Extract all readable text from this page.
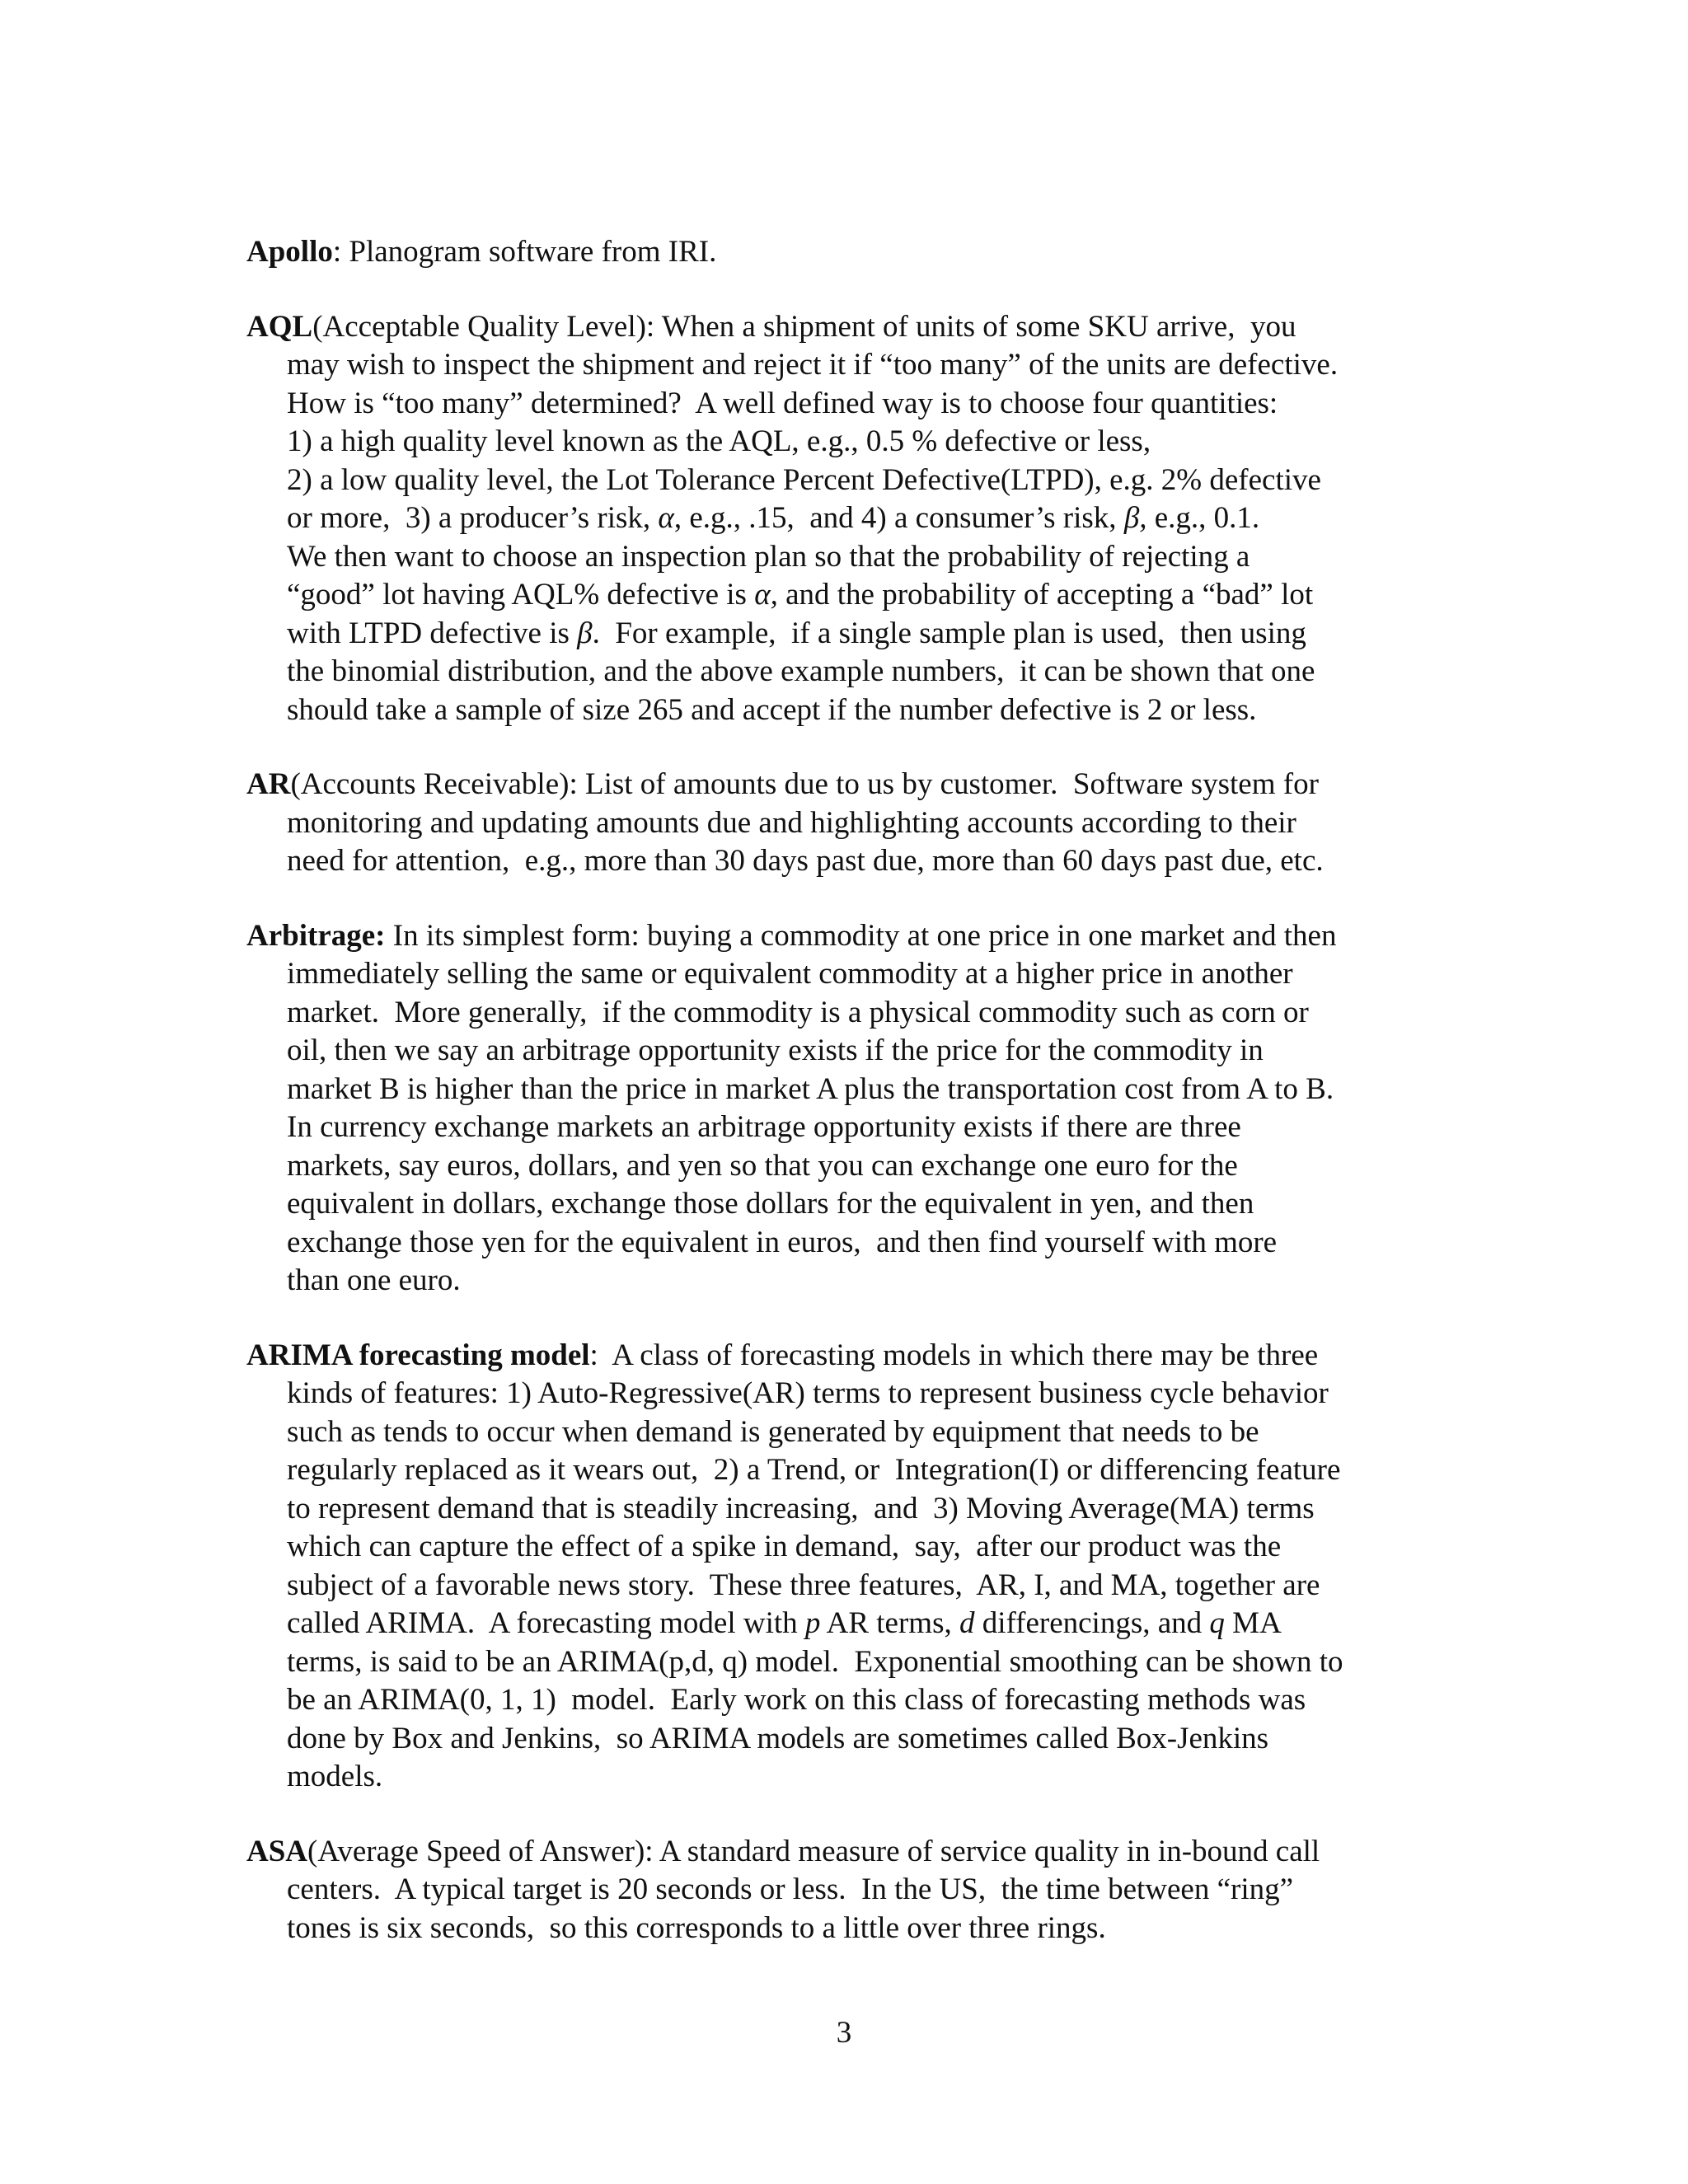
Apollo: Planogram software from IRI.
AQL(Acceptable Quality Level): When a shipment of units of some SKU arrive,  you
may wish to inspect the shipment and reject it if “too many” of the units are defective.
How is “too many” determined?  A well defined way is to choose four quantities:
1) a high quality level known as the AQL, e.g., 0.5 % defective or less,
2) a low quality level, the Lot Tolerance Percent Defective(LTPD), e.g. 2% defective
or more,  3) a producer’s risk, α, e.g., .15,  and 4) a consumer’s risk, β, e.g., 0.1.
We then want to choose an inspection plan so that the probability of rejecting a
“good” lot having AQL% defective is α, and the probability of accepting a “bad” lot
with LTPD defective is β.  For example,  if a single sample plan is used,  then using
the binomial distribution, and the above example numbers,  it can be shown that one
should take a sample of size 265 and accept if the number defective is 2 or less.
AR(Accounts Receivable): List of amounts due to us by customer.  Software system for
monitoring and updating amounts due and highlighting accounts according to their
need for attention,  e.g., more than 30 days past due, more than 60 days past due, etc.
Arbitrage: In its simplest form: buying a commodity at one price in one market and then
immediately selling the same or equivalent commodity at a higher price in another
market.  More generally,  if the commodity is a physical commodity such as corn or
oil, then we say an arbitrage opportunity exists if the price for the commodity in
market B is higher than the price in market A plus the transportation cost from A to B.
In currency exchange markets an arbitrage opportunity exists if there are three
markets, say euros, dollars, and yen so that you can exchange one euro for the
equivalent in dollars, exchange those dollars for the equivalent in yen, and then
exchange those yen for the equivalent in euros,  and then find yourself with more
than one euro.
ARIMA forecasting model:  A class of forecasting models in which there may be three
kinds of features: 1) Auto-Regressive(AR) terms to represent business cycle behavior
such as tends to occur when demand is generated by equipment that needs to be
regularly replaced as it wears out,  2) a Trend, or  Integration(I) or differencing feature
to represent demand that is steadily increasing,  and  3) Moving Average(MA) terms
which can capture the effect of a spike in demand,  say,  after our product was the
subject of a favorable news story.  These three features,  AR, I, and MA, together are
called ARIMA.  A forecasting model with p AR terms, d differencings, and q MA
terms, is said to be an ARIMA(p,d, q) model.  Exponential smoothing can be shown to
be an ARIMA(0, 1, 1)  model.  Early work on this class of forecasting methods was
done by Box and Jenkins,  so ARIMA models are sometimes called Box-Jenkins
models.
ASA(Average Speed of Answer): A standard measure of service quality in in-bound call
centers.  A typical target is 20 seconds or less.  In the US,  the time between “ring”
tones is six seconds,  so this corresponds to a little over three rings.
3
